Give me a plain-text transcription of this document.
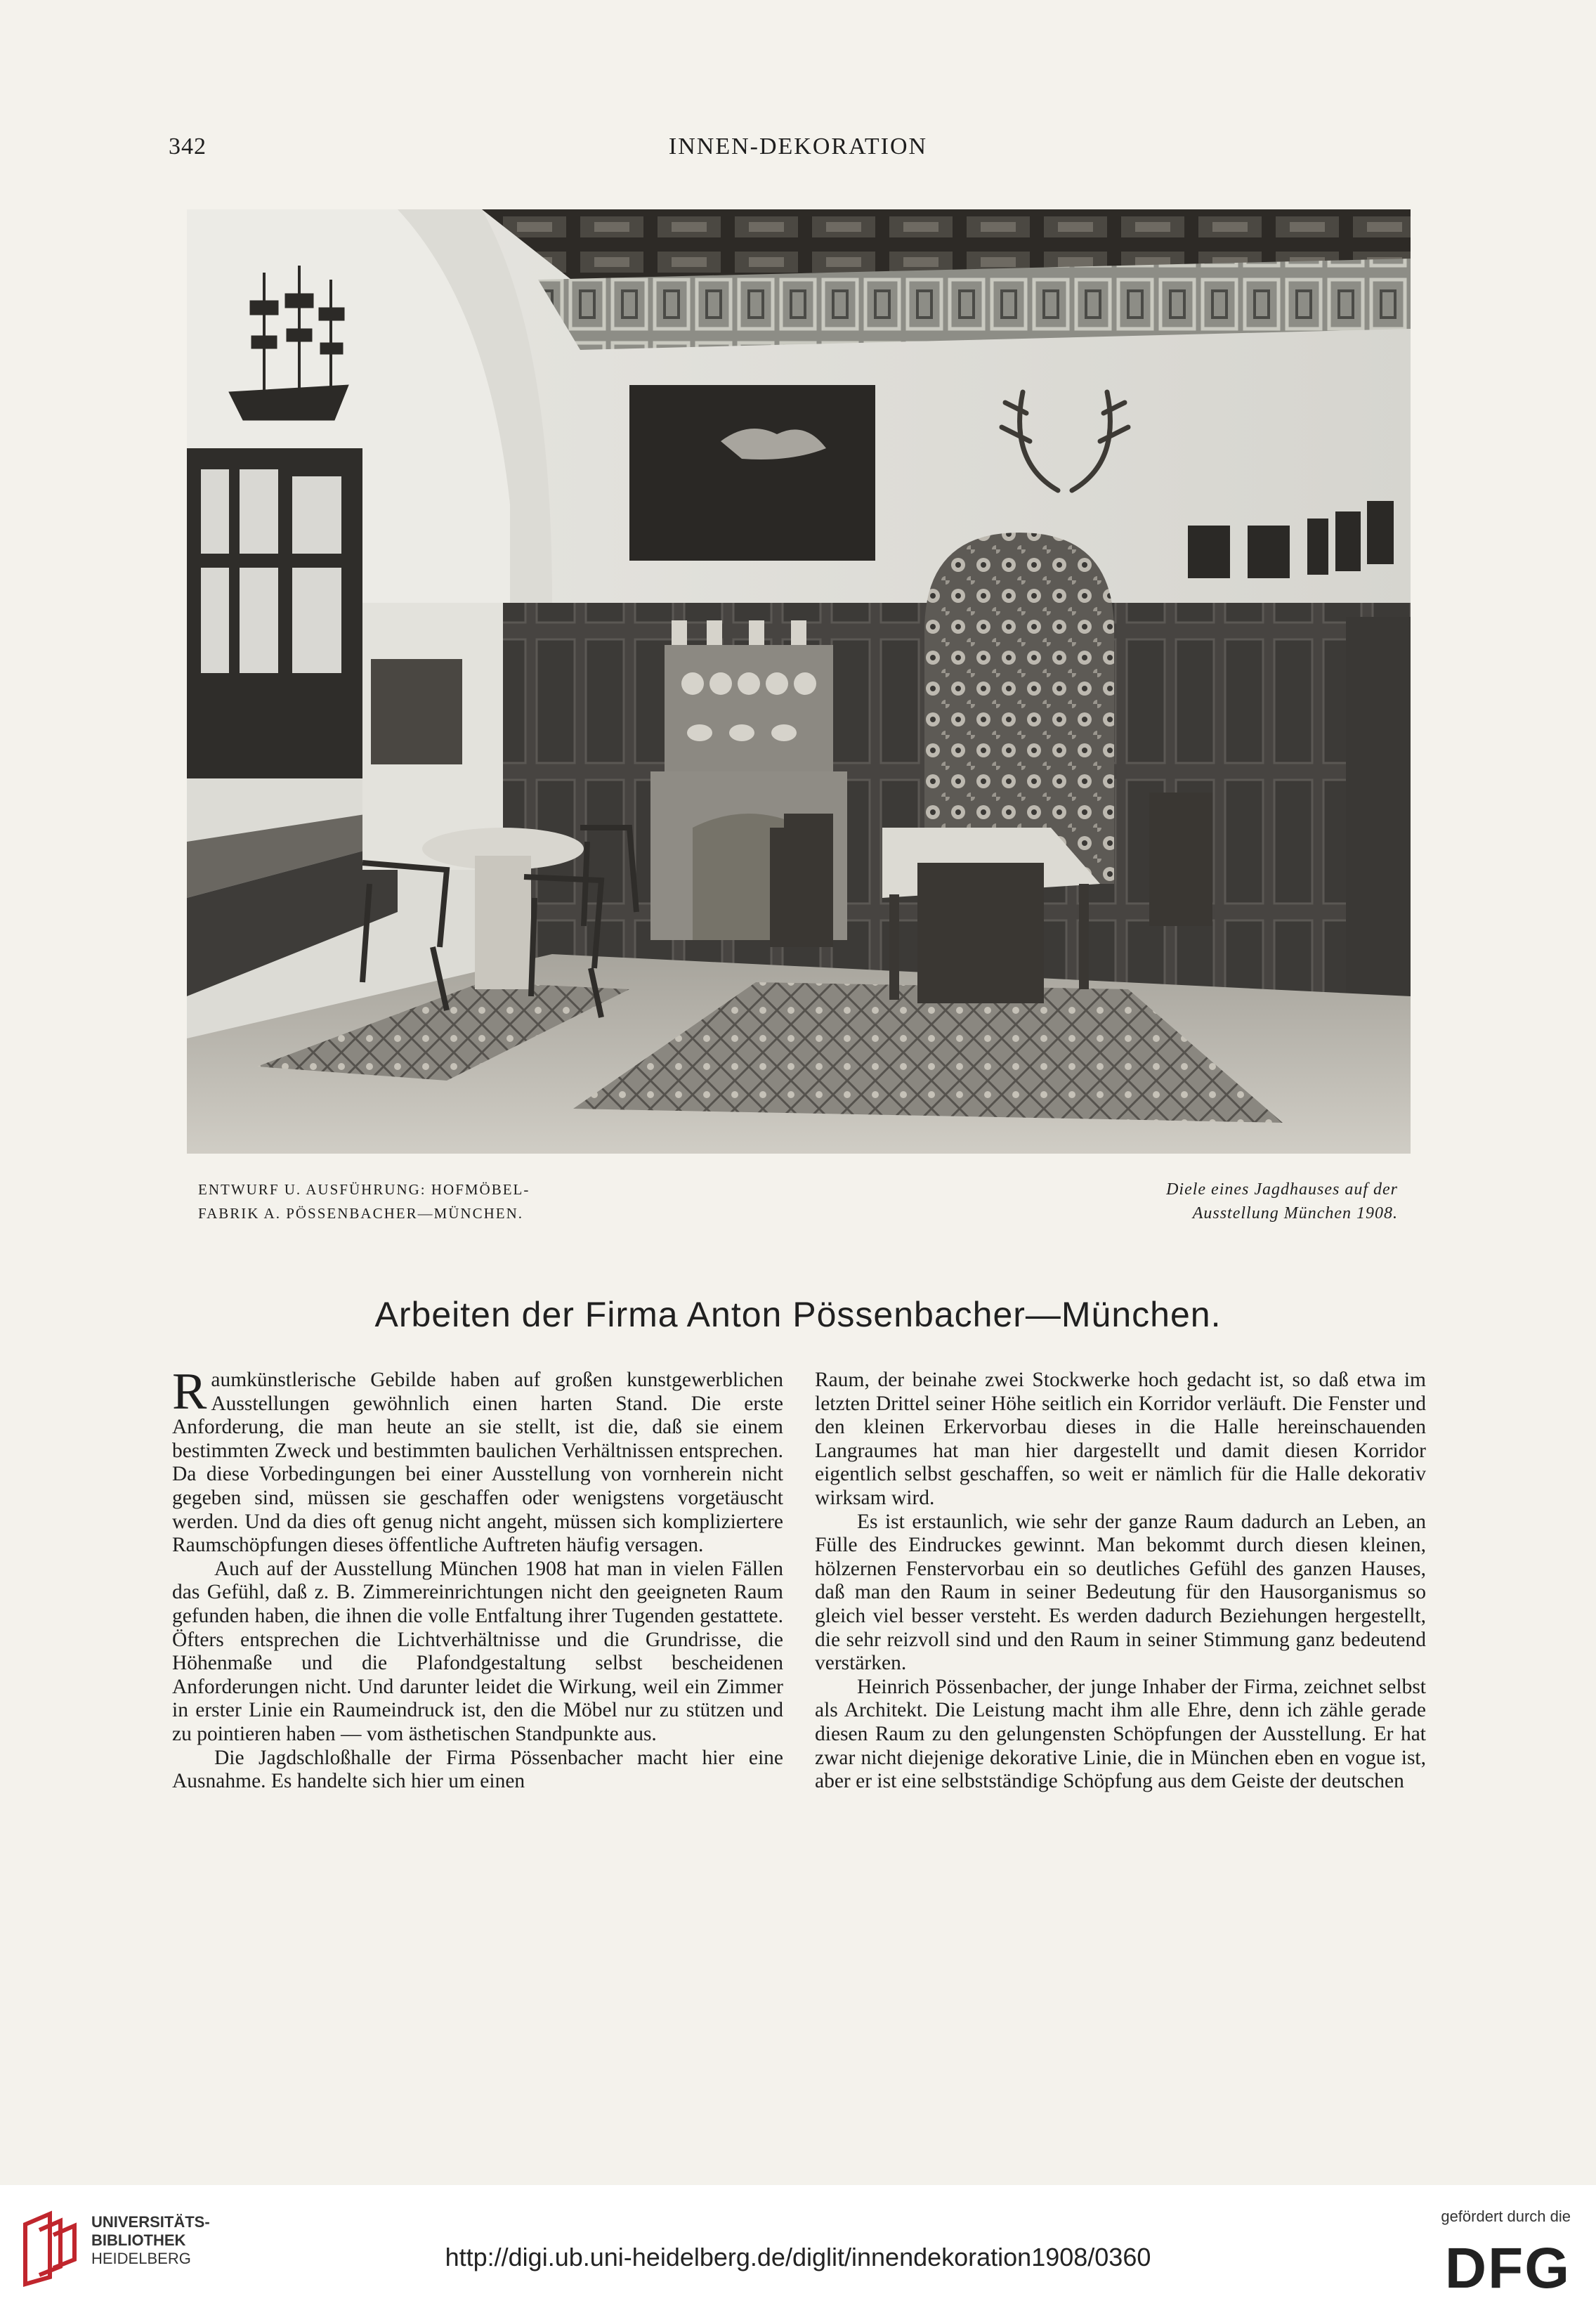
342	INNEN-DEKORATION
ENTWURF U. AUSFÜHRUNG: HOFMÖBEL-
FABRIK A. PÖSSENBACHER—MÜNCHEN.
Diele eines Jagdhauses auf der
Ausstellung München 1908.
Arbeiten der Firma Anton Pössenbacher—München.

Raumkünstlerische Gebilde haben auf großen kunstgewerblichen Ausstellungen gewöhnlich einen harten Stand. Die erste Anforderung, die man heute an sie stellt, ist die, daß sie einem bestimmten Zweck und bestimmten baulichen Verhältnissen entsprechen. Da diese Vorbedingungen bei einer Ausstellung von vornherein nicht gegeben sind, müssen sie geschaffen oder wenigstens vorgetäuscht werden. Und da dies oft genug nicht angeht, müssen sich kompliziertere Raumschöpfungen dieses öffentliche Auftreten häufig versagen.

Auch auf der Ausstellung München 1908 hat man in vielen Fällen das Gefühl, daß z. B. Zimmereinrichtungen nicht den geeigneten Raum gefunden haben, die ihnen die volle Entfaltung ihrer Tugenden gestattete. Öfters entsprechen die Lichtverhältnisse und die Grundrisse, die Höhenmaße und die Plafondgestaltung selbst bescheidenen Anforderungen nicht. Und darunter leidet die Wirkung, weil ein Zimmer in erster Linie ein Raumeindruck ist, den die Möbel nur zu stützen und zu pointieren haben — vom ästhetischen Standpunkte aus.

Die Jagdschloßhalle der Firma Pössenbacher macht hier eine Ausnahme. Es handelte sich hier um einen

Raum, der beinahe zwei Stockwerke hoch gedacht ist, so daß etwa im letzten Drittel seiner Höhe seitlich ein Korridor verläuft. Die Fenster und den kleinen Erkervorbau dieses in die Halle hereinschauenden Langraumes hat man hier dargestellt und damit diesen Korridor eigentlich selbst geschaffen, so weit er nämlich für die Halle dekorativ wirksam wird.

Es ist erstaunlich, wie sehr der ganze Raum dadurch an Leben, an Fülle des Eindruckes gewinnt. Man bekommt durch diesen kleinen, hölzernen Fenstervorbau ein so deutliches Gefühl des ganzen Hauses, daß man den Raum in seiner Bedeutung für den Hausorganismus so gleich viel besser versteht. Es werden dadurch Beziehungen hergestellt, die sehr reizvoll sind und den Raum in seiner Stimmung ganz bedeutend verstärken.

Heinrich Pössenbacher, der junge Inhaber der Firma, zeichnet selbst als Architekt. Die Leistung macht ihm alle Ehre, denn ich zähle gerade diesen Raum zu den gelungensten Schöpfungen der Ausstellung. Er hat zwar nicht diejenige dekorative Linie, die in München eben en vogue ist, aber er ist eine selbstständige Schöpfung aus dem Geiste der deutschen

UNIVERSITÄTS-
BIBLIOTHEK
HEIDELBERG	http://digi.ub.uni-heidelberg.de/diglit/innendekoration1908/0360
gefördert durch die
DFG
